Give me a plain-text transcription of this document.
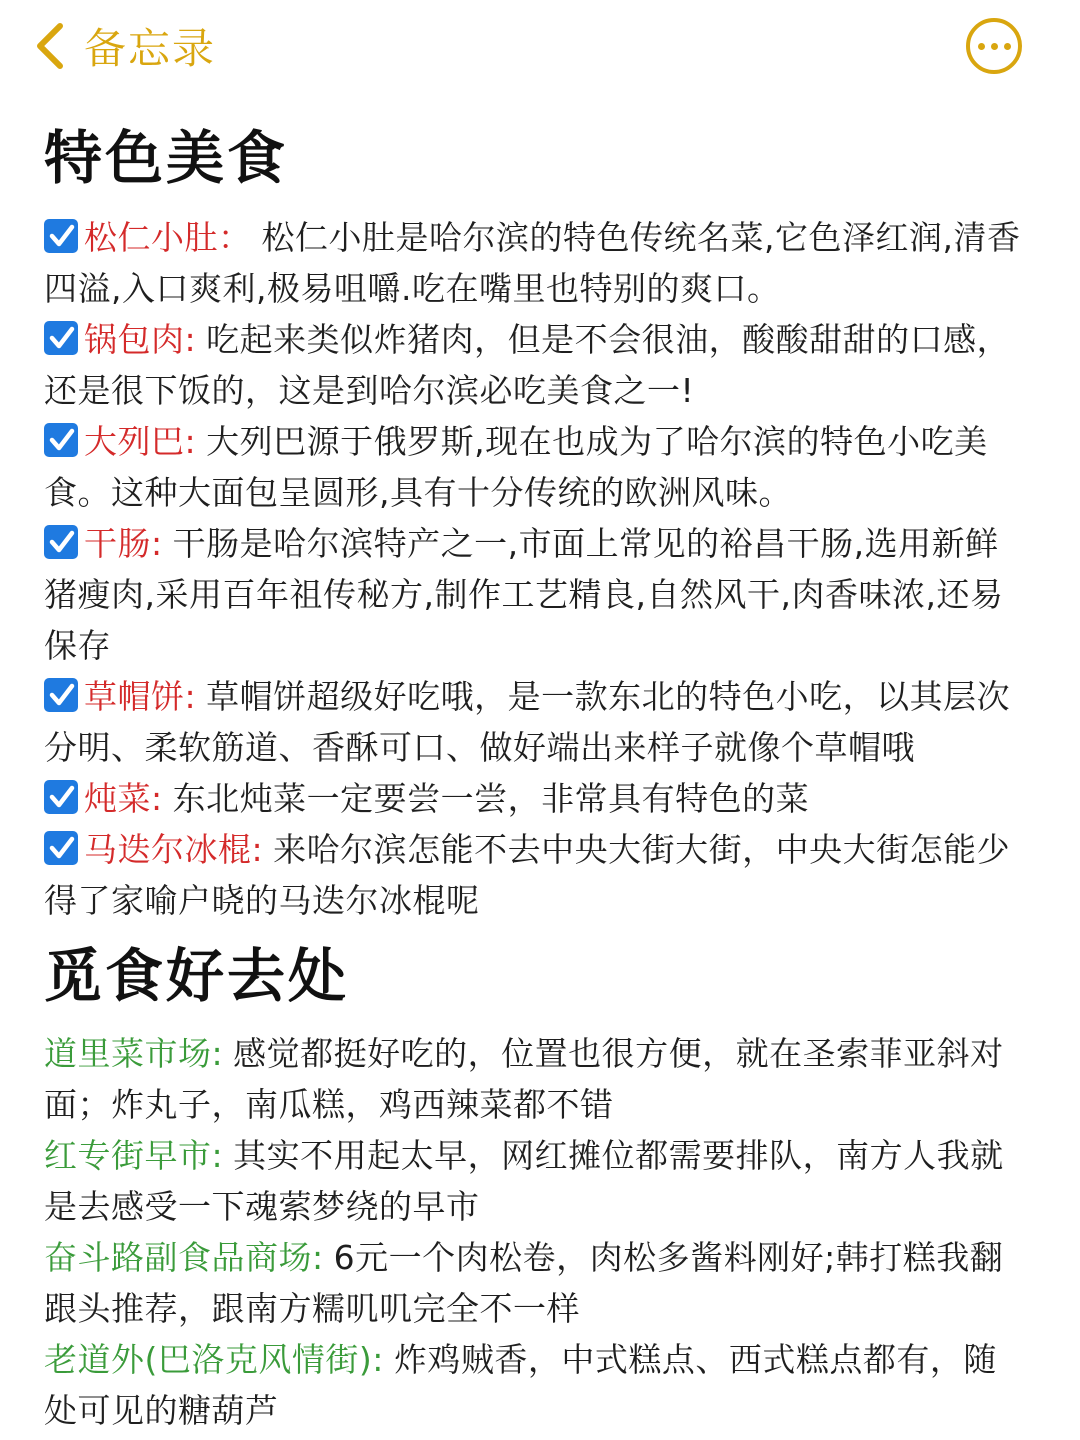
备忘录
特色美食

松仁小肚： 松仁小肚是哈尔滨的特色传统名菜,它色泽红润,清香四溢,入口爽利,极易咀嚼.吃在嘴里也特别的爽口。

锅包肉: 吃起来类似炸猪肉，但是不会很油，酸酸甜甜的口感，还是很下饭的，这是到哈尔滨必吃美食之一!

大列巴: 大列巴源于俄罗斯,现在也成为了哈尔滨的特色小吃美食。这种大面包呈圆形,具有十分传统的欧洲风味。

干肠: 干肠是哈尔滨特产之一,市面上常见的裕昌干肠,选用新鲜猪瘦肉,采用百年祖传秘方,制作工艺精良,自然风干,肉香味浓,还易保存

草帽饼: 草帽饼超级好吃哦，是一款东北的特色小吃，以其层次分明、柔软筋道、香酥可口、做好端出来样子就像个草帽哦

炖菜: 东北炖菜一定要尝一尝，非常具有特色的菜

马迭尔冰棍: 来哈尔滨怎能不去中央大街大街，中央大街怎能少得了家喻户晓的马迭尔冰棍呢

觅食好去处

道里菜市场: 感觉都挺好吃的，位置也很方便，就在圣索菲亚斜对面；炸丸子，南瓜糕，鸡西辣菜都不错

红专街早市: 其实不用起太早，网红摊位都需要排队，南方人我就是去感受一下魂萦梦绕的早市

奋斗路副食品商场: 6元一个肉松卷，肉松多酱料刚好;韩打糕我翻跟头推荐，跟南方糯叽叽完全不一样

老道外(巴洛克风情街): 炸鸡贼香，中式糕点、西式糕点都有，随处可见的糖葫芦
